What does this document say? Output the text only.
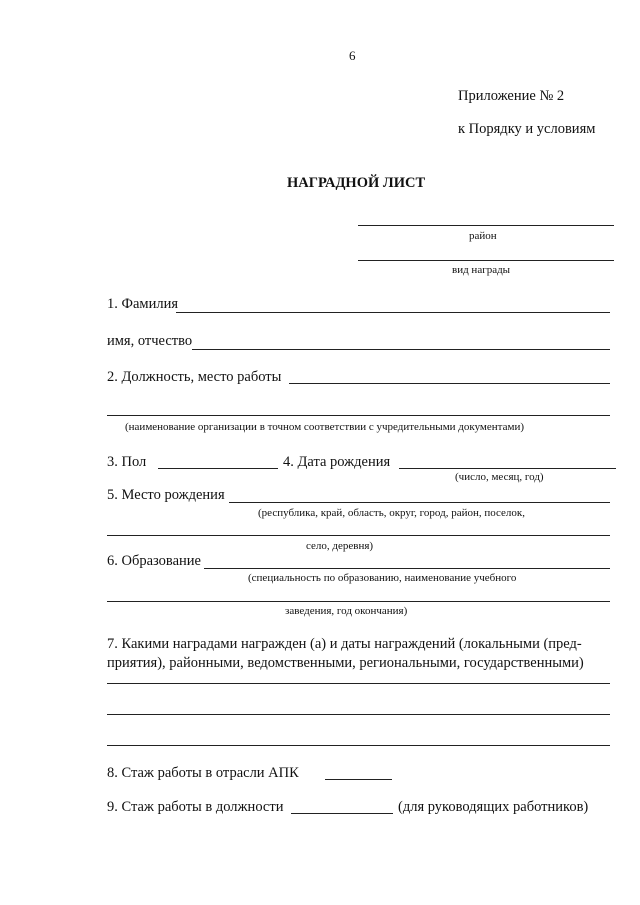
6
Приложение № 2
к Порядку и условиям
НАГРАДНОЙ ЛИСТ
район
вид награды
1. Фамилия
имя, отчество
2. Должность, место работы
(наименование организации в точном соответствии с учредительными документами)
3. Пол	4. Дата рождения
(число, месяц, год)
5. Место рождения
(республика, край, область, округ, город, район, поселок,
село, деревня)
6. Образование
(специальность по образованию, наименование учебного
заведения, год окончания)
7. Какими наградами награжден (а) и даты награждений (локальными (пред-
приятия), районными, ведомственными, региональными, государственными)
8. Стаж работы в отрасли АПК
9. Стаж работы в должности	(для руководящих работников)
